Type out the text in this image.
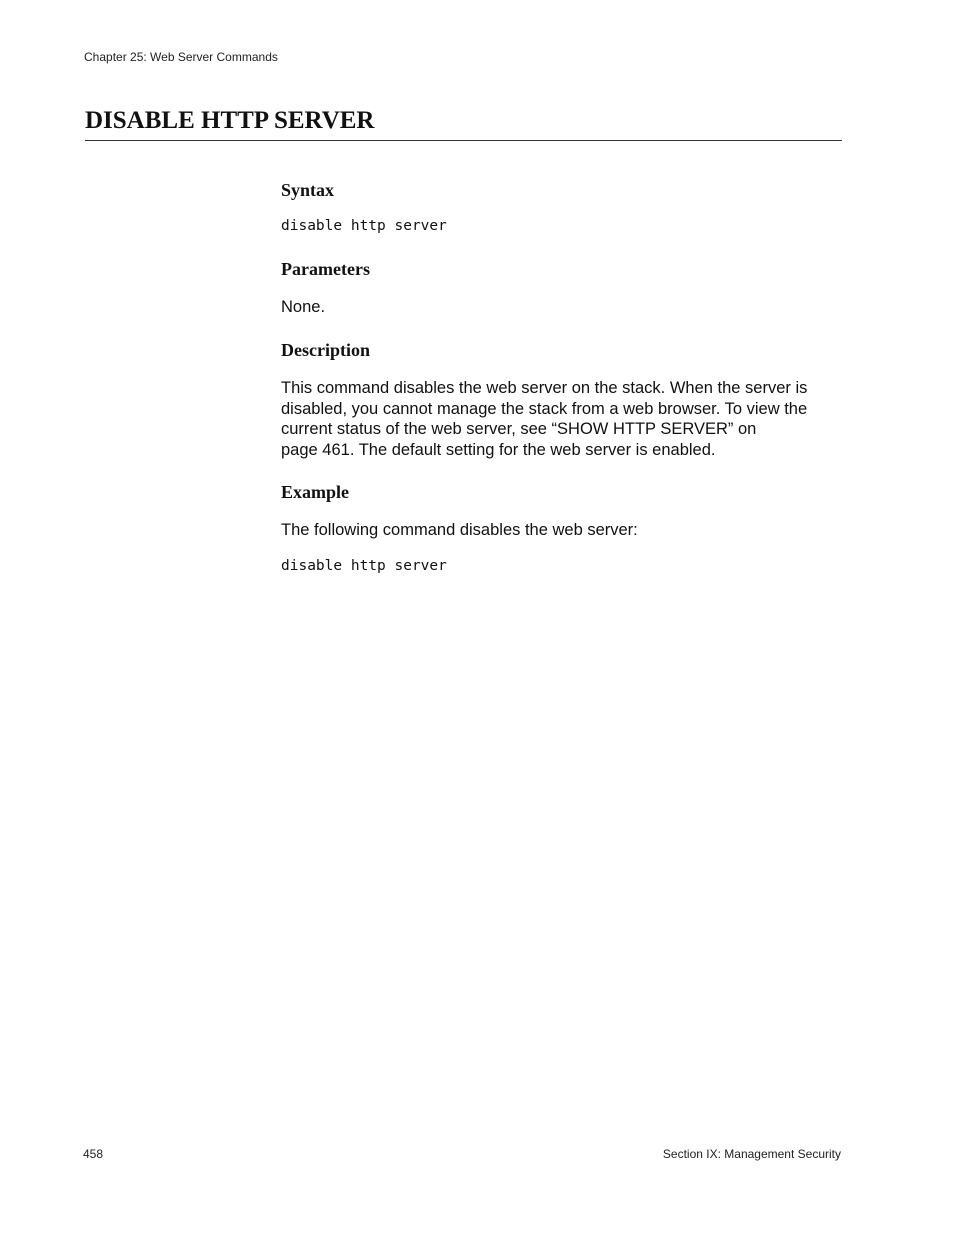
Chapter 25: Web Server Commands
DISABLE HTTP SERVER
Syntax
disable http server
Parameters

None.

Description

This command disables the web server on the stack. When the server is
disabled, you cannot manage the stack from a web browser. To view the
current status of the web server, see “SHOW HTTP SERVER” on
page 461. The default setting for the web server is enabled.

Example

The following command disables the web server:

disable http server
458	Section IX: Management Security
